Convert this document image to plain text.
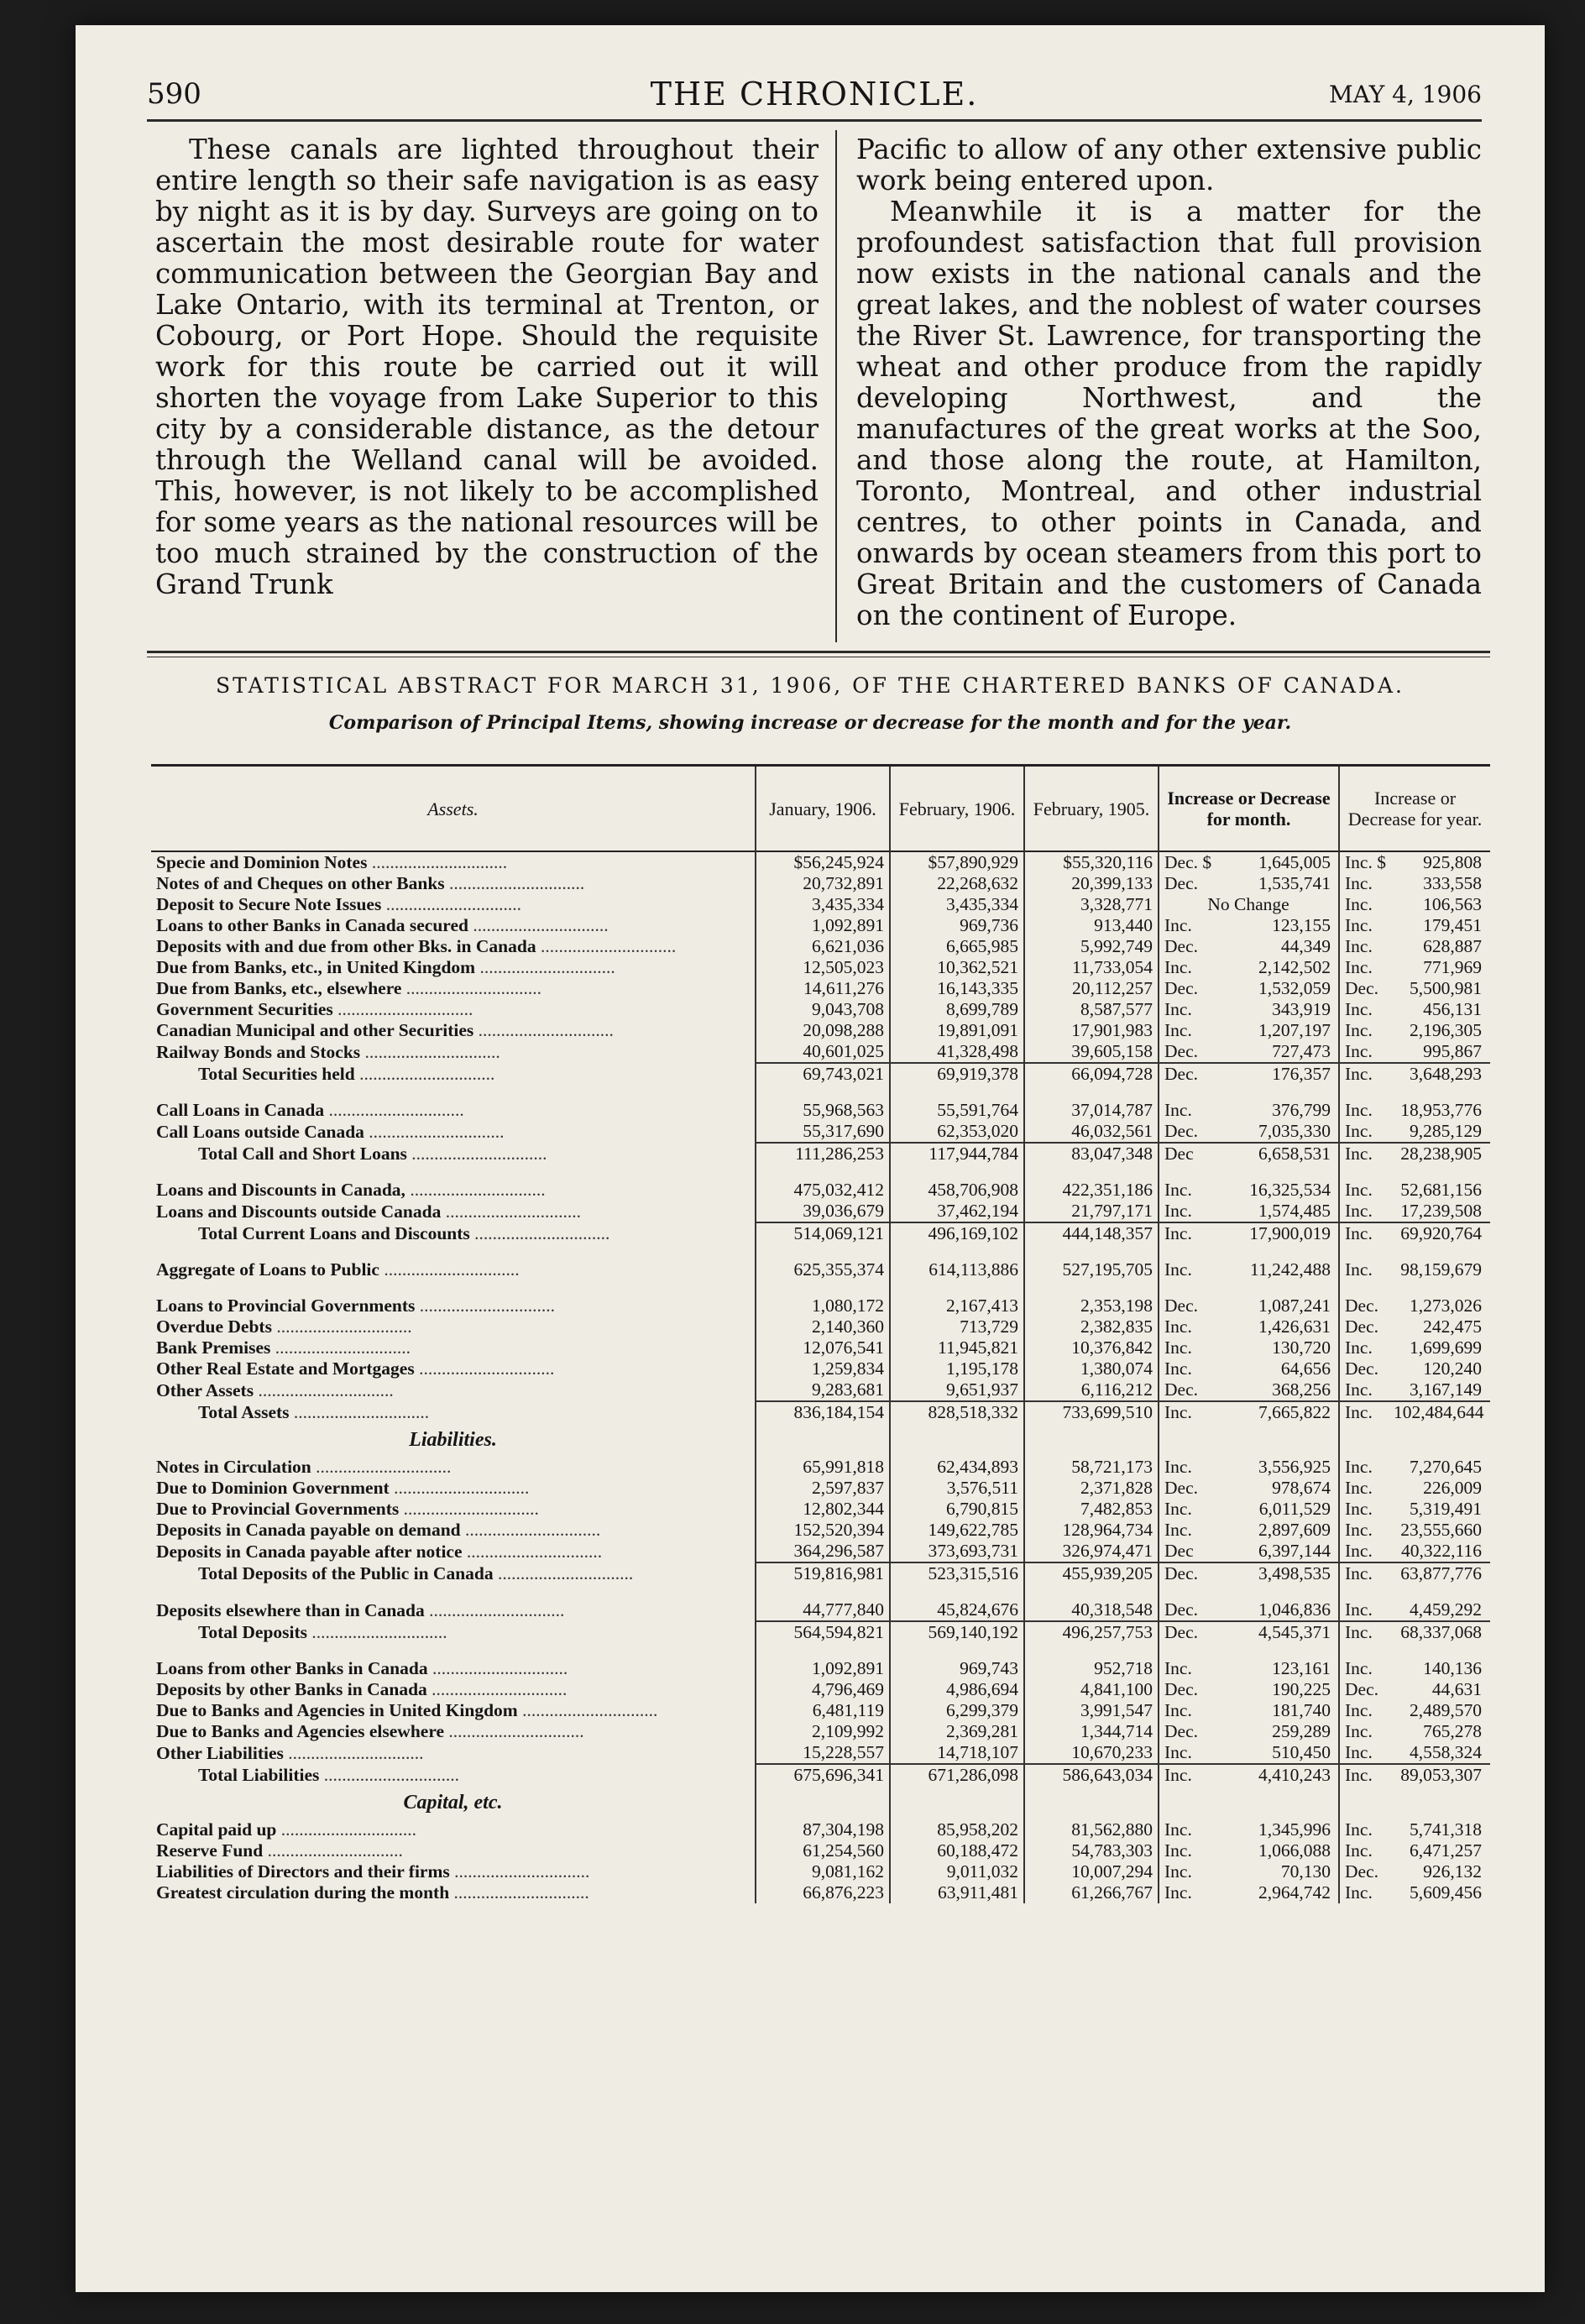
590	THE CHRONICLE.	MAY 4, 1906

These canals are lighted throughout their entire length so their safe navigation is as easy by night as it is by day. Surveys are going on to ascertain the most desirable route for water communication between the Georgian Bay and Lake Ontario, with its terminal at Trenton, or Cobourg, or Port Hope. Should the requisite work for this route be carried out it will shorten the voyage from Lake Superior to this city by a considerable distance, as the detour through the Welland canal will be avoided. This, however, is not likely to be accomplished for some years as the national resources will be too much strained by the construction of the Grand Trunk

Pacific to allow of any other extensive public work being entered upon.

Meanwhile it is a matter for the profoundest satisfaction that full provision now exists in the national canals and the great lakes, and the noblest of water courses the River St. Lawrence, for transporting the wheat and other produce from the rapidly developing Northwest, and the manufactures of the great works at the Soo, and those along the route, at Hamilton, Toronto, Montreal, and other industrial centres, to other points in Canada, and onwards by ocean steamers from this port to Great Britain and the customers of Canada on the continent of Europe.

STATISTICAL ABSTRACT FOR MARCH 31, 1906, OF THE CHARTERED BANKS OF CANADA.
Comparison of Principal Items, showing increase or decrease for the month and for the year.
Assets.	January, 1906.	February, 1906.	February, 1905.	Increase or Decrease for month.	Increase or Decrease for year.
Specie and Dominion Notes ..............................	$56,245,924	$57,890,929	$55,320,116	Dec. $ 1,645,005	Inc. $ 925,808
Notes of and Cheques on other Banks ..............................	20,732,891	22,268,632	20,399,133	Dec. 1,535,741	Inc. 333,558
Deposit to Secure Note Issues ..............................	3,435,334	3,435,334	3,328,771	No Change	Inc. 106,563
Loans to other Banks in Canada secured ..............................	1,092,891	969,736	913,440	Inc. 123,155	Inc. 179,451
Deposits with and due from other Bks. in Canada ..............................	6,621,036	6,665,985	5,992,749	Dec. 44,349	Inc. 628,887
Due from Banks, etc., in United Kingdom ..............................	12,505,023	10,362,521	11,733,054	Inc. 2,142,502	Inc. 771,969
Due from Banks, etc., elsewhere ..............................	14,611,276	16,143,335	20,112,257	Dec. 1,532,059	Dec. 5,500,981
Government Securities ..............................	9,043,708	8,699,789	8,587,577	Inc. 343,919	Inc. 456,131
Canadian Municipal and other Securities ..............................	20,098,288	19,891,091	17,901,983	Inc. 1,207,197	Inc. 2,196,305
Railway Bonds and Stocks ..............................	40,601,025	41,328,498	39,605,158	Dec. 727,473	Inc. 995,867
Total Securities held ..............................	69,743,021	69,919,378	66,094,728	Dec. 176,357	Inc. 3,648,293

Call Loans in Canada ..............................	55,968,563	55,591,764	37,014,787	Inc. 376,799	Inc. 18,953,776
Call Loans outside Canada ..............................	55,317,690	62,353,020	46,032,561	Dec. 7,035,330	Inc. 9,285,129
Total Call and Short Loans ..............................	111,286,253	117,944,784	83,047,348	Dec 6,658,531	Inc. 28,238,905

Loans and Discounts in Canada, ..............................	475,032,412	458,706,908	422,351,186	Inc. 16,325,534	Inc. 52,681,156
Loans and Discounts outside Canada ..............................	39,036,679	37,462,194	21,797,171	Inc. 1,574,485	Inc. 17,239,508
Total Current Loans and Discounts ..............................	514,069,121	496,169,102	444,148,357	Inc. 17,900,019	Inc. 69,920,764

Aggregate of Loans to Public ..............................	625,355,374	614,113,886	527,195,705	Inc. 11,242,488	Inc. 98,159,679

Loans to Provincial Governments ..............................	1,080,172	2,167,413	2,353,198	Dec. 1,087,241	Dec. 1,273,026
Overdue Debts ..............................	2,140,360	713,729	2,382,835	Inc. 1,426,631	Dec. 242,475
Bank Premises ..............................	12,076,541	11,945,821	10,376,842	Inc. 130,720	Inc. 1,699,699
Other Real Estate and Mortgages ..............................	1,259,834	1,195,178	1,380,074	Inc. 64,656	Dec. 120,240
Other Assets ..............................	9,283,681	9,651,937	6,116,212	Dec. 368,256	Inc. 3,167,149
Total Assets ..............................	836,184,154	828,518,332	733,699,510	Inc. 7,665,822	Inc. 102,484,644
Liabilities.					
Notes in Circulation ..............................	65,991,818	62,434,893	58,721,173	Inc. 3,556,925	Inc. 7,270,645
Due to Dominion Government ..............................	2,597,837	3,576,511	2,371,828	Dec. 978,674	Inc. 226,009
Due to Provincial Governments ..............................	12,802,344	6,790,815	7,482,853	Inc. 6,011,529	Inc. 5,319,491
Deposits in Canada payable on demand ..............................	152,520,394	149,622,785	128,964,734	Inc. 2,897,609	Inc. 23,555,660
Deposits in Canada payable after notice ..............................	364,296,587	373,693,731	326,974,471	Dec 6,397,144	Inc. 40,322,116
Total Deposits of the Public in Canada ..............................	519,816,981	523,315,516	455,939,205	Dec. 3,498,535	Inc. 63,877,776

Deposits elsewhere than in Canada ..............................	44,777,840	45,824,676	40,318,548	Dec. 1,046,836	Inc. 4,459,292
Total Deposits ..............................	564,594,821	569,140,192	496,257,753	Dec. 4,545,371	Inc. 68,337,068

Loans from other Banks in Canada ..............................	1,092,891	969,743	952,718	Inc. 123,161	Inc. 140,136
Deposits by other Banks in Canada ..............................	4,796,469	4,986,694	4,841,100	Dec. 190,225	Dec. 44,631
Due to Banks and Agencies in United Kingdom ..............................	6,481,119	6,299,379	3,991,547	Inc. 181,740	Inc. 2,489,570
Due to Banks and Agencies elsewhere ..............................	2,109,992	2,369,281	1,344,714	Dec. 259,289	Inc. 765,278
Other Liabilities ..............................	15,228,557	14,718,107	10,670,233	Inc. 510,450	Inc. 4,558,324
Total Liabilities ..............................	675,696,341	671,286,098	586,643,034	Inc. 4,410,243	Inc. 89,053,307
Capital, etc.					
Capital paid up ..............................	87,304,198	85,958,202	81,562,880	Inc. 1,345,996	Inc. 5,741,318
Reserve Fund ..............................	61,254,560	60,188,472	54,783,303	Inc. 1,066,088	Inc. 6,471,257
Liabilities of Directors and their firms ..............................	9,081,162	9,011,032	10,007,294	Inc. 70,130	Dec. 926,132
Greatest circulation during the month ..............................	66,876,223	63,911,481	61,266,767	Inc. 2,964,742	Inc. 5,609,456
